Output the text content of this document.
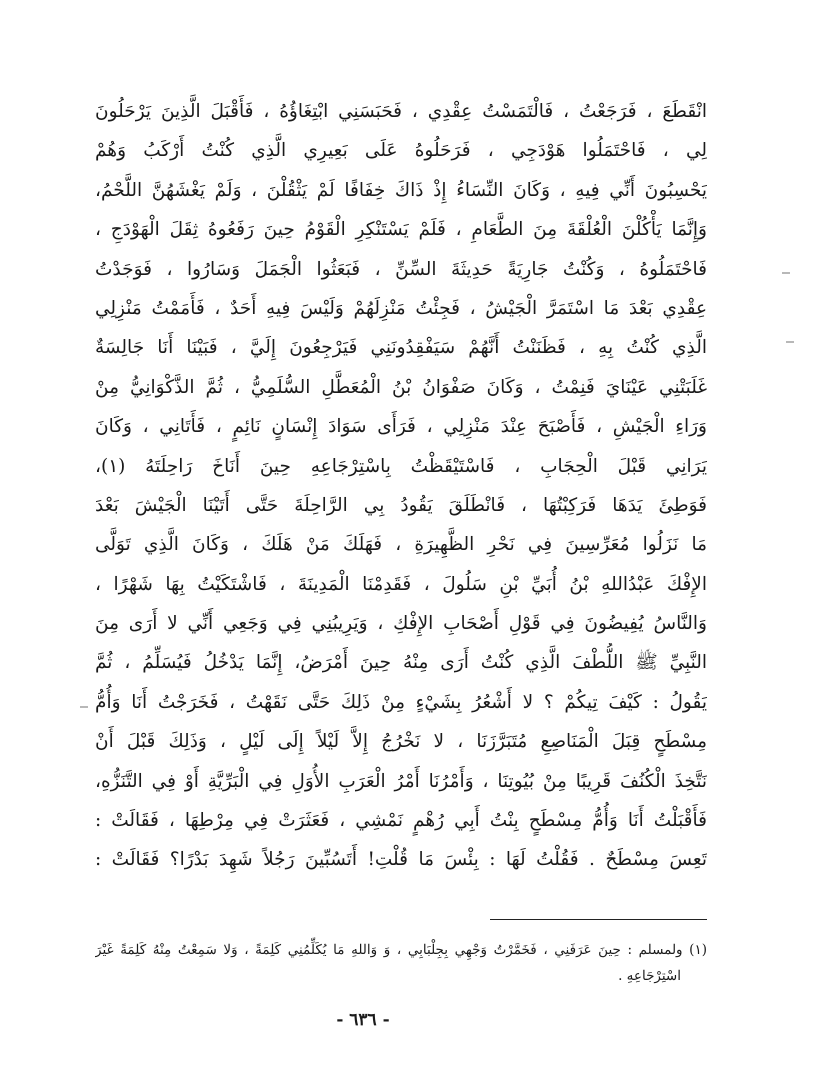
انْقَطَعَ ، فَرَجَعْتُ ، فَالْتَمَسْتُ عِقْدِي ، فَحَبَسَنِي ابْتِغَاؤُهُ ، فَأَقْبَلَ الَّذِينَ يَرْحَلُونَ
لِي ، فَاحْتَمَلُوا هَوْدَجِي ، فَرَحَلُوهُ عَلَى بَعِيرِي الَّذِي كُنْتُ أَرْكَبُ وَهُمْ
يَحْسِبُونَ أَنِّي فِيهِ ، وَكَانَ النِّسَاءُ إِذْ ذَاكَ خِفَافًا لَمْ يَثْقُلْنَ ، وَلَمْ يَغْشَهُنَّ اللَّحْمُ،
وَإِنَّمَا يَأْكُلْنَ الْعُلْقَةَ مِنَ الطَّعَامِ ، فَلَمْ يَسْتَنْكِرِ الْقَوْمُ حِينَ رَفَعُوهُ ثِقَلَ الْهَوْدَجِ ،
فَاحْتَمَلُوهُ ، وَكُنْتُ جَارِيَةً حَدِيثَةَ السِّنِّ ، فَبَعَثُوا الْجَمَلَ وَسَارُوا ، فَوَجَدْتُ
عِقْدِي بَعْدَ مَا اسْتَمَرَّ الْجَيْشُ ، فَجِئْتُ مَنْزِلَهُمْ وَلَيْسَ فِيهِ أَحَدٌ ، فَأَمَمْتُ مَنْزِلِي
الَّذِي كُنْتُ بِهِ ، فَظَنَنْتُ أَنَّهُمْ سَيَفْقِدُونَنِي فَيَرْجِعُونَ إِلَيَّ ، فَبَيْنَا أَنَا جَالِسَةٌ
غَلَبَتْنِي عَيْنَايَ فَنِمْتُ ، وَكَانَ صَفْوَانُ بْنُ الْمُعَطَّلِ السُّلَمِيُّ ، ثُمَّ الذَّكْوَانِيُّ مِنْ
وَرَاءِ الْجَيْشِ ، فَأَصْبَحَ عِنْدَ مَنْزِلِي ، فَرَأَى سَوَادَ إِنْسَانٍ نَائِمٍ ، فَأَتَانِي ، وَكَانَ
يَرَانِي قَبْلَ الْحِجَابِ ، فَاسْتَيْقَظْتُ بِاسْتِرْجَاعِهِ حِينَ أَنَاخَ رَاحِلَتَهُ (١)،
فَوَطِئَ يَدَهَا فَرَكِبْتُهَا ، فَانْطَلَقَ يَقُودُ بِي الرَّاحِلَةَ حَتَّى أَتَيْنَا الْجَيْشَ بَعْدَ
مَا نَزَلُوا مُعَرِّسِينَ فِي نَحْرِ الظَّهِيرَةِ ، فَهَلَكَ مَنْ هَلَكَ ، وَكَانَ الَّذِي تَوَلَّى
الإِفْكَ عَبْدُاللهِ بْنُ أُبَيِّ بْنِ سَلُولَ ، فَقَدِمْنَا الْمَدِينَةَ ، فَاشْتَكَيْتُ بِهَا شَهْرًا ،
وَالنَّاسُ يُفِيضُونَ فِي قَوْلِ أَصْحَابِ الإِفْكِ ، وَيَرِيبُنِي فِي وَجَعِي أَنِّي لا أَرَى مِنَ
النَّبِيِّ ﷺ اللُّطْفَ الَّذِي كُنْتُ أَرَى مِنْهُ حِينَ أَمْرَضُ، إِنَّمَا يَدْخُلُ فَيُسَلِّمُ ، ثُمَّ
يَقُولُ : كَيْفَ تِيكُمْ ؟ لا أَشْعُرُ بِشَيْءٍ مِنْ ذَلِكَ حَتَّى نَقَهْتُ ، فَخَرَجْتُ أَنَا وَأُمُّ
مِسْطَحٍ قِبَلَ الْمَنَاصِعِ مُتَبَرَّزَنَا ، لا نَخْرُجُ إِلاَّ لَيْلاً إِلَى لَيْلٍ ، وَذَلِكَ قَبْلَ أَنْ
نَتَّخِذَ الْكُنُفَ قَرِيبًا مِنْ بُيُوتِنَا ، وَأَمْرُنَا أَمْرُ الْعَرَبِ الأُوَلِ فِي الْبَرِّيَّةِ أَوْ فِي التَّنَزُّهِ،
فَأَقْبَلْتُ أَنَا وَأُمُّ مِسْطَحٍ بِنْتُ أَبِي رُهْمٍ نَمْشِي ، فَعَثَرَتْ فِي مِرْطِهَا ، فَقَالَتْ :
تَعِسَ مِسْطَحٌ . فَقُلْتُ لَهَا : بِئْسَ مَا قُلْتِ! أَتَسُبِّينَ رَجُلاً شَهِدَ بَدْرًا؟ فَقَالَتْ :
(١) ولمسلم : حِينَ عَرَفَنِي ، فَخَمَّرْتُ وَجْهِي بِجِلْبَابِي ، وَ وَاللهِ مَا يُكَلِّمُنِي كَلِمَةً ، وَلا سَمِعْتُ مِنْهُ كَلِمَةً غَيْرَ
اسْتِرْجَاعِهِ .
- ٦٣٦ -
